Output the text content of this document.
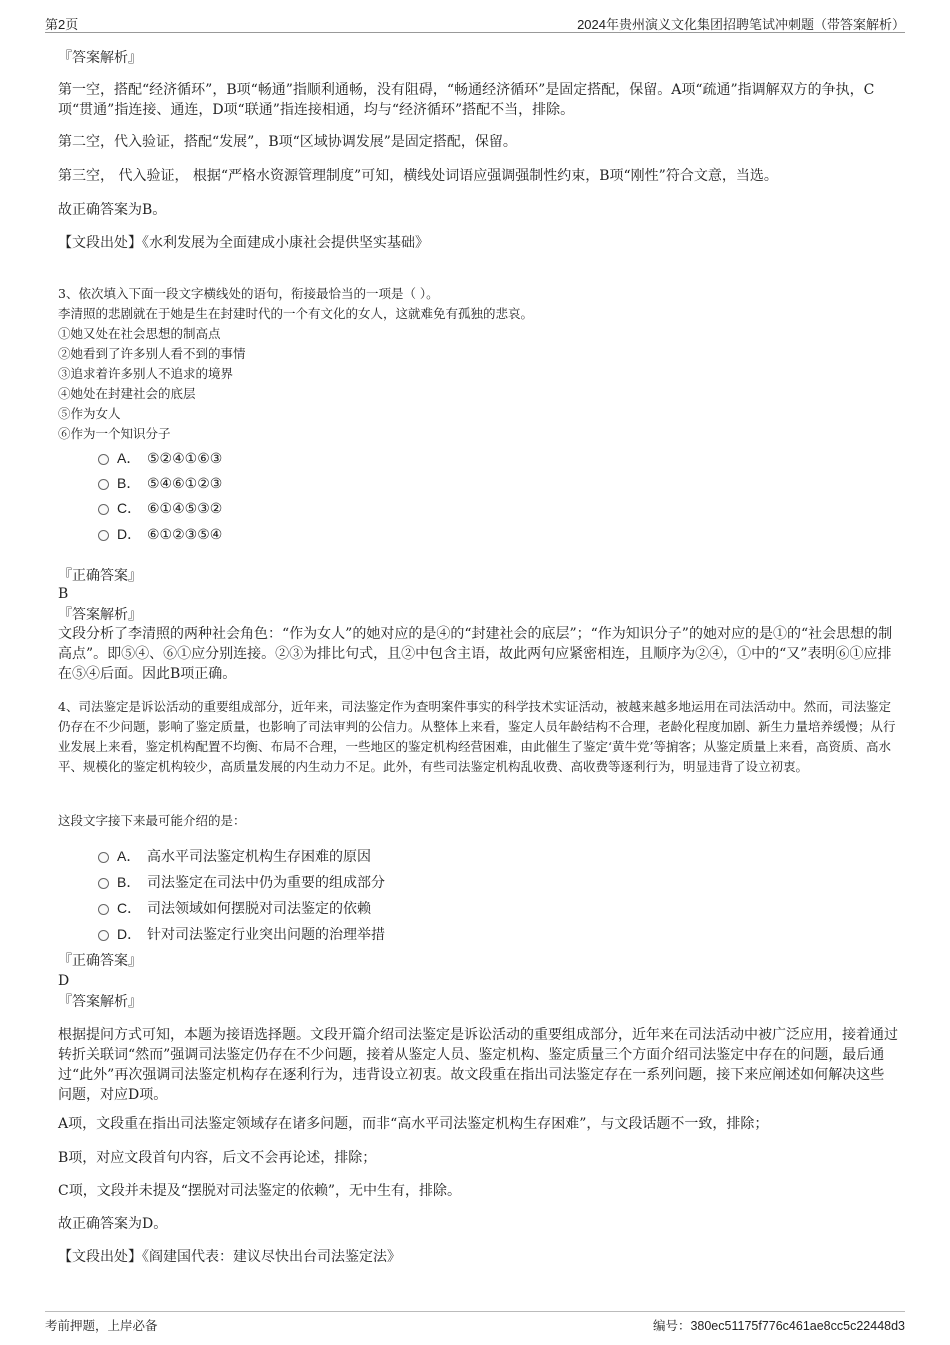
第2页	2024年贵州演义文化集团招聘笔试冲刺题（带答案解析）
『答案解析』

第一空，搭配“经济循环”，B项“畅通”指顺利通畅，没有阻碍，“畅通经济循环”是固定搭配，保留。A项“疏通”指调解双方的争执，C项“贯通”指连接、通连，D项“联通”指连接相通，均与“经济循环”搭配不当，排除。

第二空，代入验证，搭配“发展”，B项“区域协调发展”是固定搭配，保留。

第三空， 代入验证， 根据“严格水资源管理制度”可知，横线处词语应强调强制性约束，B项“刚性”符合文意，当选。

故正确答案为B。

【文段出处】《水利发展为全面建成小康社会提供坚实基础》

3、依次填入下面一段文字横线处的语句，衔接最恰当的一项是（ ）。

李清照的悲剧就在于她是生在封建时代的一个有文化的女人，这就难免有孤独的悲哀。

①她又处在社会思想的制高点

②她看到了许多别人看不到的事情

③追求着许多别人不追求的境界

④她处在封建社会的底层

⑤作为女人

⑥作为一个知识分子

A． ⑤②④①⑥③
B． ⑤④⑥①②③
C． ⑥①④⑤③②
D． ⑥①②③⑤④
『正确答案』
B
『答案解析』

文段分析了李清照的两种社会角色：“作为女人”的她对应的是④的“封建社会的底层”；“作为知识分子”的她对应的是①的“社会思想的制高点”。即⑤④、⑥①应分别连接。②③为排比句式，且②中包含主语，故此两句应紧密相连，且顺序为②④，①中的“又”表明⑥①应排在⑤④后面。因此B项正确。

4、司法鉴定是诉讼活动的重要组成部分，近年来，司法鉴定作为查明案件事实的科学技术实证活动，被越来越多地运用在司法活动中。然而，司法鉴定仍存在不少问题，影响了鉴定质量，也影响了司法审判的公信力。从整体上来看，鉴定人员年龄结构不合理，老龄化程度加剧、新生力量培养缓慢；从行业发展上来看，鉴定机构配置不均衡、布局不合理，一些地区的鉴定机构经营困难，由此催生了鉴定‘黄牛党’等掮客；从鉴定质量上来看，高资质、高水平、规模化的鉴定机构较少，高质量发展的内生动力不足。此外，有些司法鉴定机构乱收费、高收费等逐利行为，明显违背了设立初衷。

这段文字接下来最可能介绍的是：

A． 高水平司法鉴定机构生存困难的原因
B． 司法鉴定在司法中仍为重要的组成部分
C． 司法领域如何摆脱对司法鉴定的依赖
D． 针对司法鉴定行业突出问题的治理举措
『正确答案』
D
『答案解析』

根据提问方式可知，本题为接语选择题。文段开篇介绍司法鉴定是诉讼活动的重要组成部分，近年来在司法活动中被广泛应用，接着通过转折关联词“然而”强调司法鉴定仍存在不少问题，接着从鉴定人员、鉴定机构、鉴定质量三个方面介绍司法鉴定中存在的问题，最后通过“此外”再次强调司法鉴定机构存在逐利行为，违背设立初衷。故文段重在指出司法鉴定存在一系列问题，接下来应阐述如何解决这些问题，对应D项。

A项，文段重在指出司法鉴定领域存在诸多问题，而非“高水平司法鉴定机构生存困难”，与文段话题不一致，排除；

B项，对应文段首句内容，后文不会再论述，排除；

C项，文段并未提及“摆脱对司法鉴定的依赖”，无中生有，排除。

故正确答案为D。

【文段出处】《阎建国代表：建议尽快出台司法鉴定法》

考前押题，上岸必备	编号：380ec51175f776c461ae8cc5c22448d3
